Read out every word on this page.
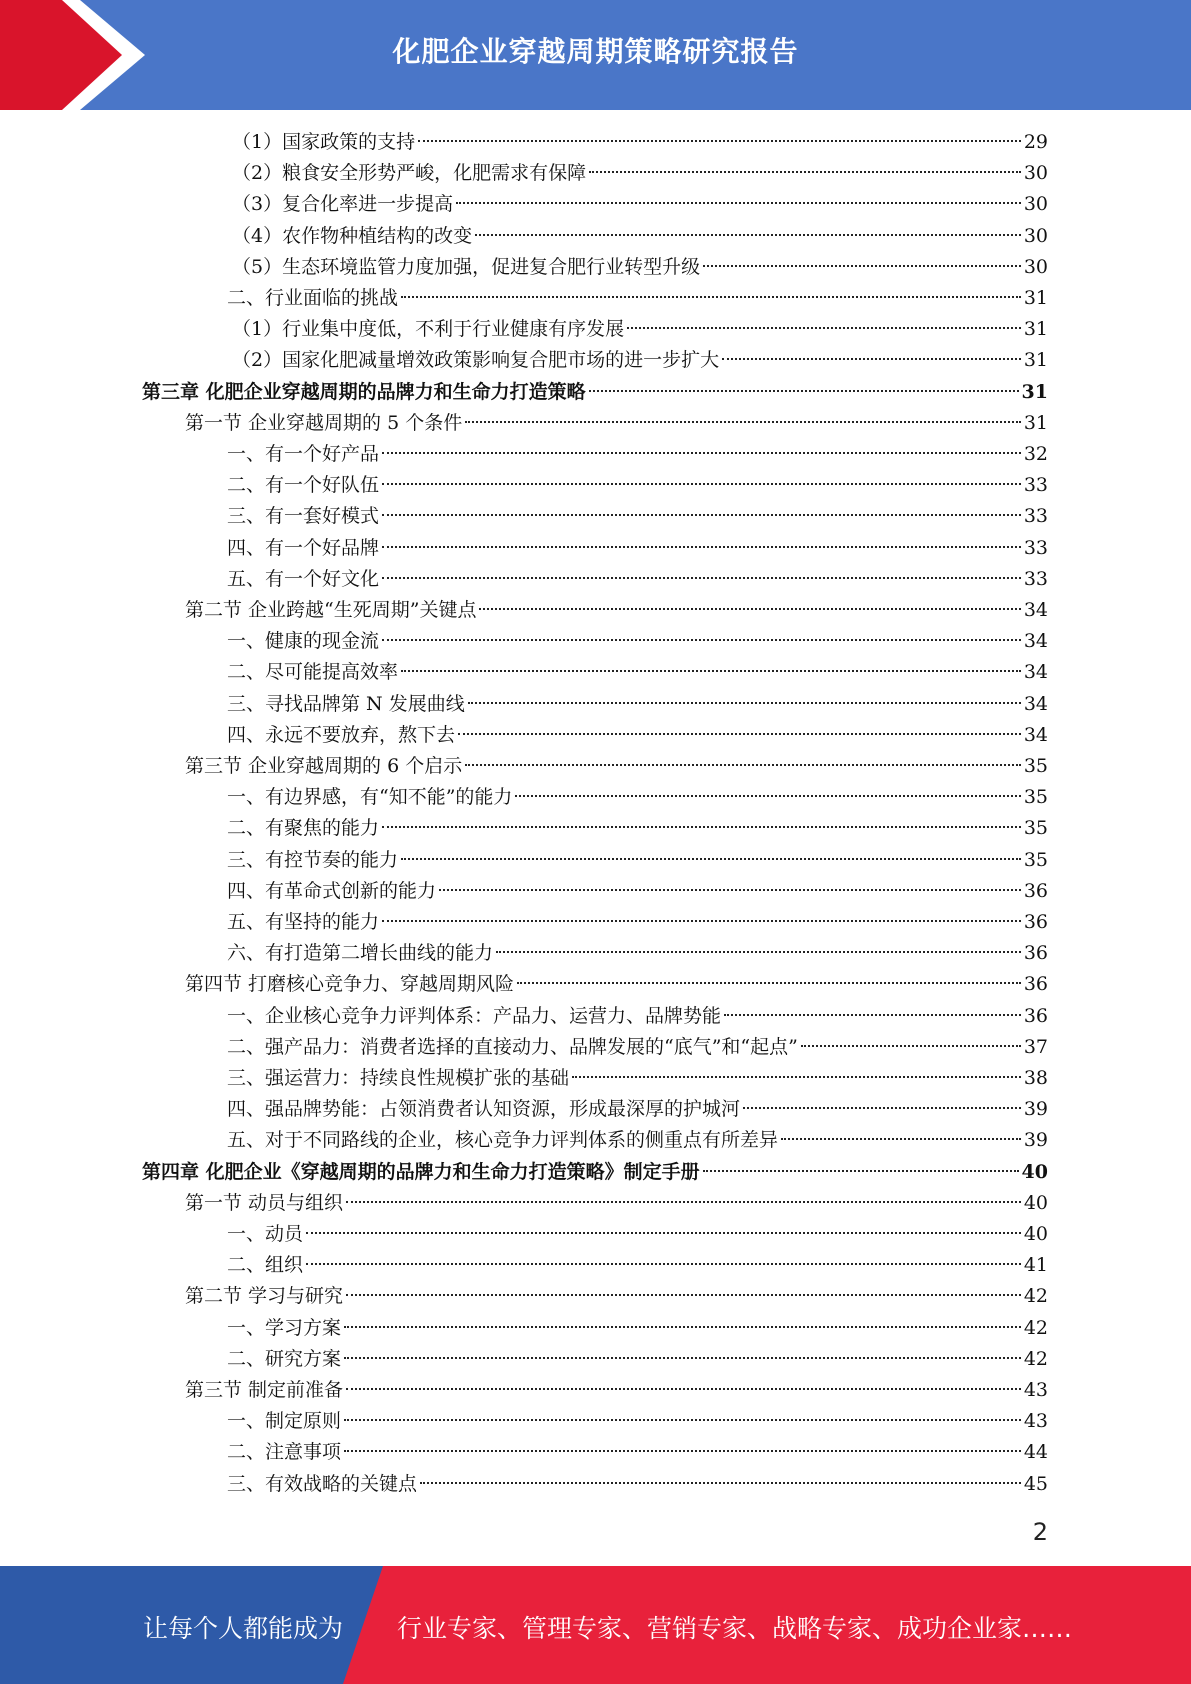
化肥企业穿越周期策略研究报告
（1）国家政策的支持	29
（2）粮食安全形势严峻，化肥需求有保障	30
（3）复合化率进一步提高	30
（4）农作物种植结构的改变	30
（5）生态环境监管力度加强，促进复合肥行业转型升级	30
二、行业面临的挑战	31
（1）行业集中度低，不利于行业健康有序发展	31
（2）国家化肥减量增效政策影响复合肥市场的进一步扩大	31
第三章 化肥企业穿越周期的品牌力和生命力打造策略	31
第一节 企业穿越周期的 5 个条件	31
一、有一个好产品	32
二、有一个好队伍	33
三、有一套好模式	33
四、有一个好品牌	33
五、有一个好文化	33
第二节 企业跨越“生死周期”关键点	34
一、健康的现金流	34
二、尽可能提高效率	34
三、寻找品牌第 N 发展曲线	34
四、永远不要放弃，熬下去	34
第三节 企业穿越周期的 6 个启示	35
一、有边界感，有“知不能”的能力	35
二、有聚焦的能力	35
三、有控节奏的能力	35
四、有革命式创新的能力	36
五、有坚持的能力	36
六、有打造第二增长曲线的能力	36
第四节 打磨核心竞争力、穿越周期风险	36
一、企业核心竞争力评判体系：产品力、运营力、品牌势能	36
二、强产品力：消费者选择的直接动力、品牌发展的“底气”和“起点”	37
三、强运营力：持续良性规模扩张的基础	38
四、强品牌势能：占领消费者认知资源，形成最深厚的护城河	39
五、对于不同路线的企业，核心竞争力评判体系的侧重点有所差异	39
第四章 化肥企业《穿越周期的品牌力和生命力打造策略》制定手册	40
第一节 动员与组织	40
一、动员	40
二、组织	41
第二节 学习与研究	42
一、学习方案	42
二、研究方案	42
第三节 制定前准备	43
一、制定原则	43
二、注意事项	44
三、有效战略的关键点	45
2
让每个人都能成为 行业专家、管理专家、营销专家、战略专家、成功企业家……
